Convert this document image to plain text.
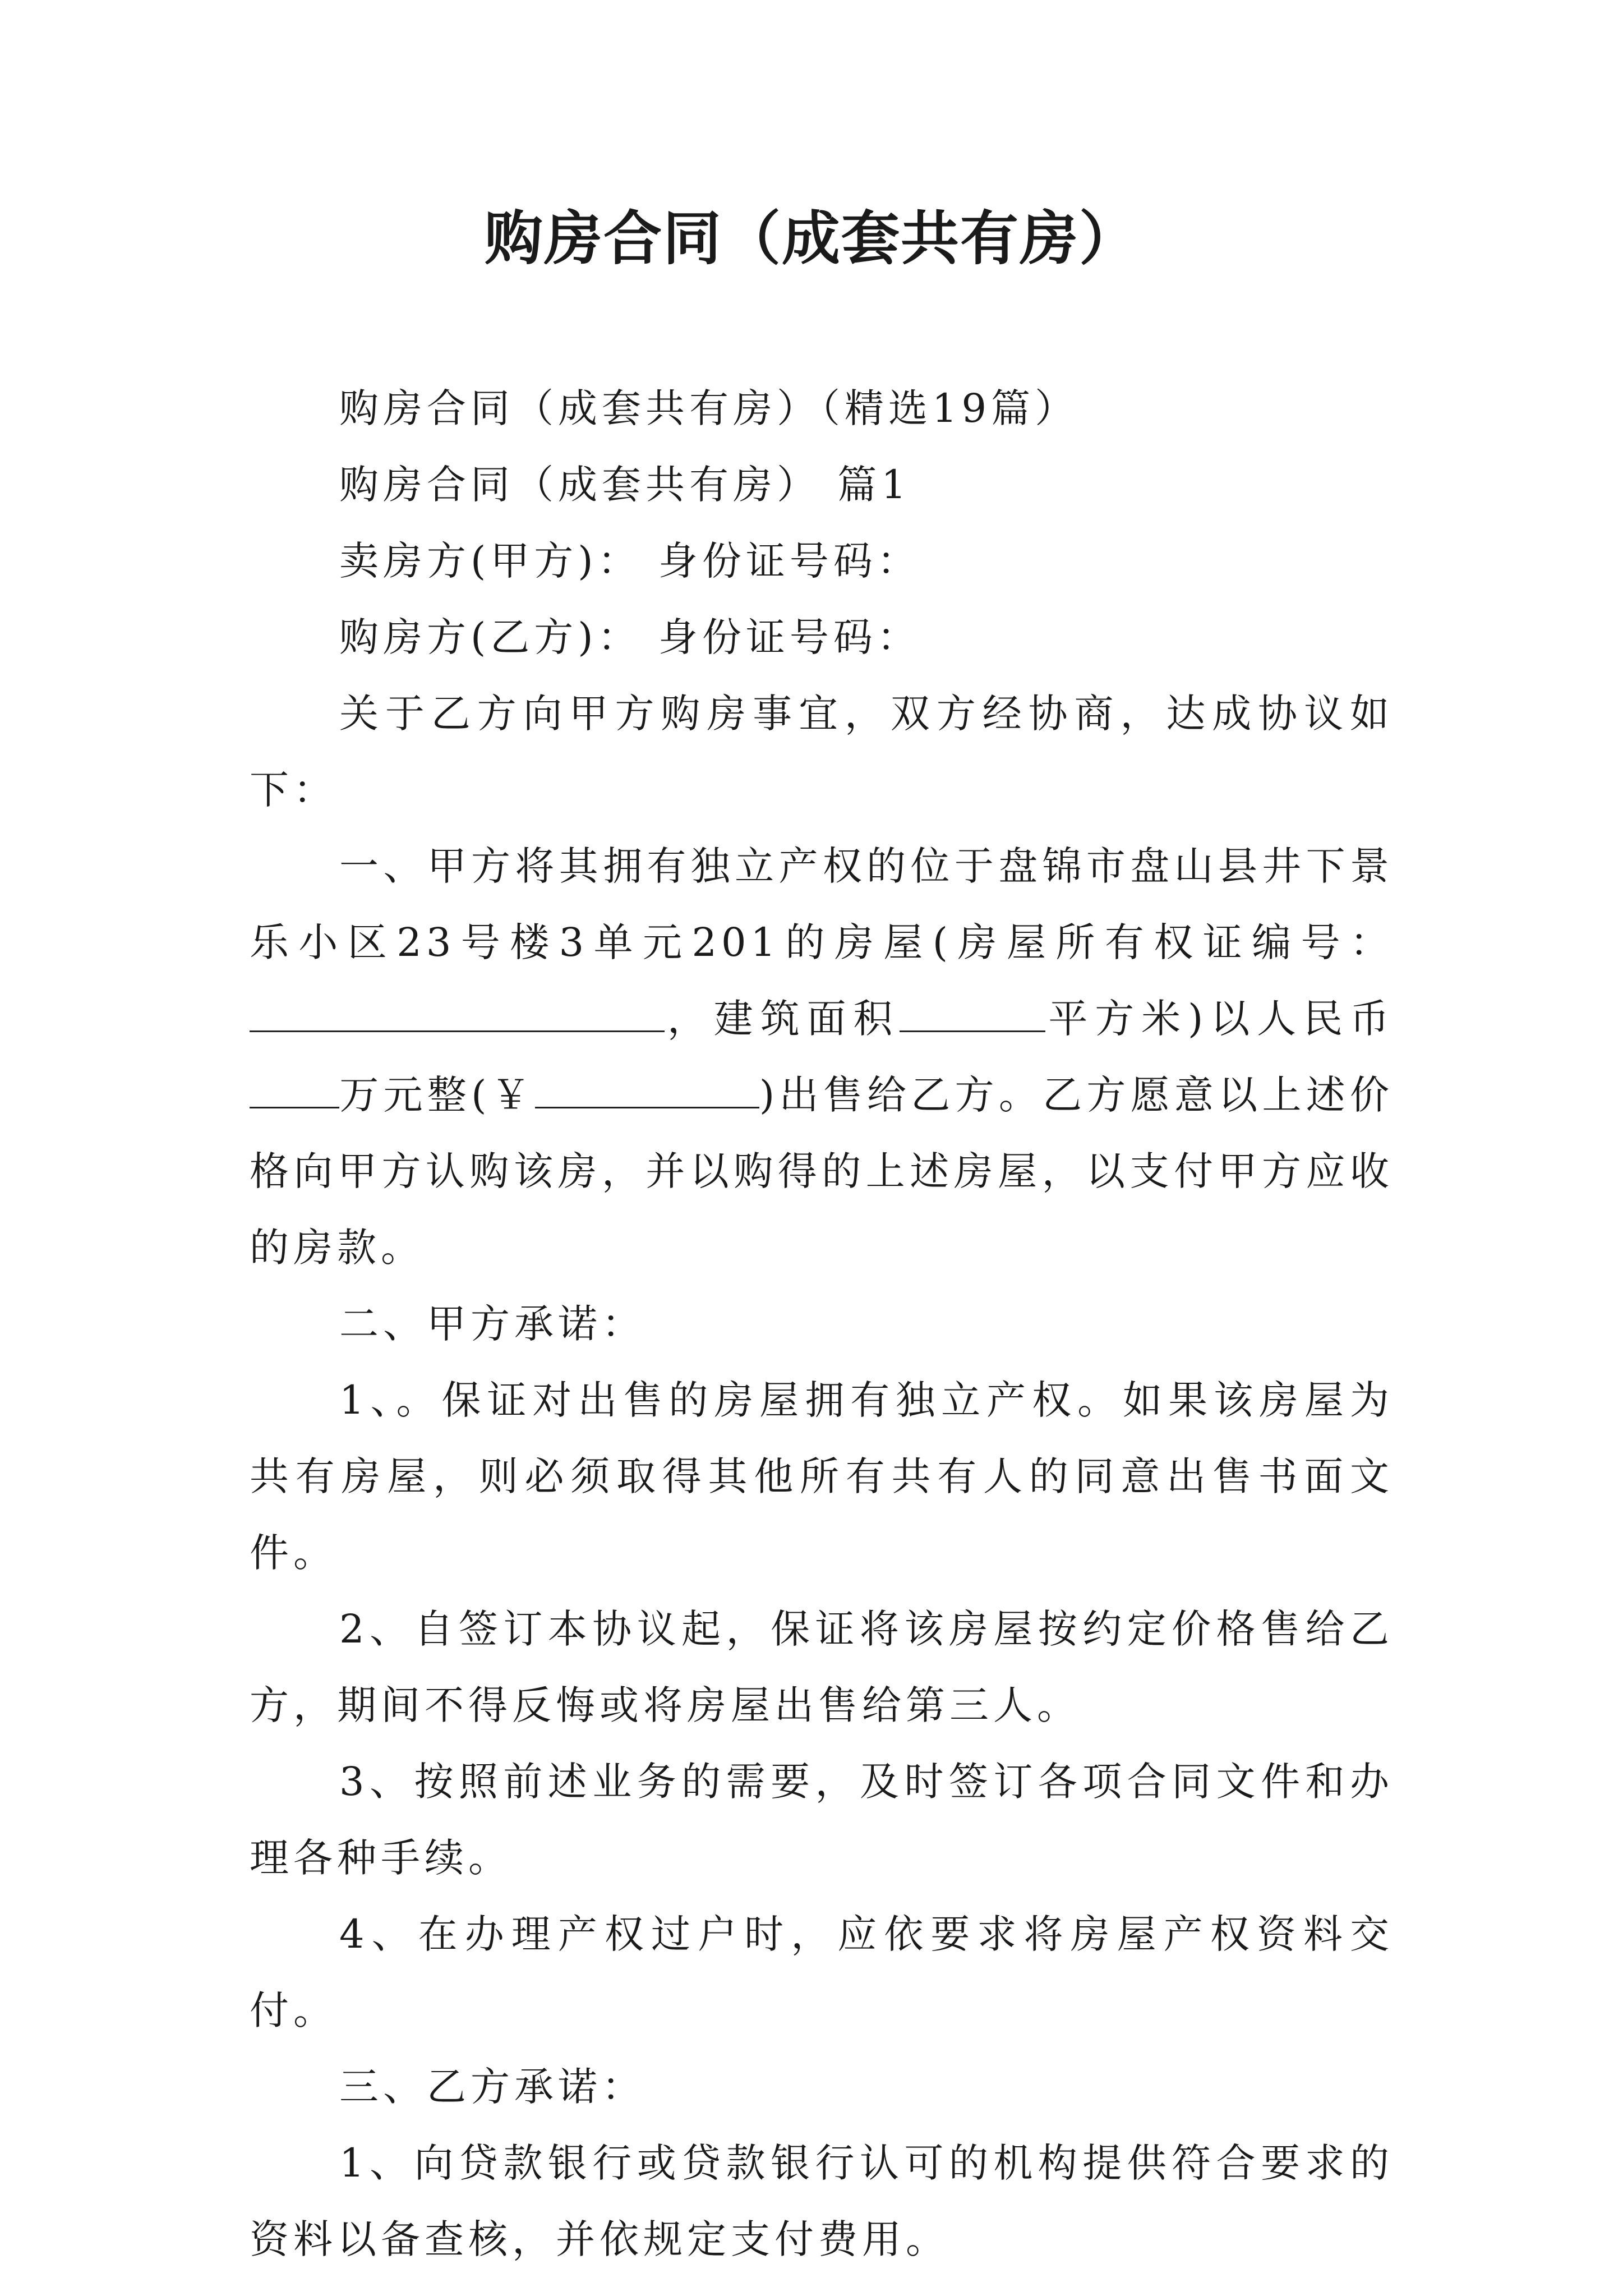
购房合同（成套共有房）

购房合同（成套共有房）（精选19篇）

购房合同（成套共有房） 篇1

卖房方(甲方)： 身份证号码：

购房方(乙方)： 身份证号码：

关于乙方向甲方购房事宜，双方经协商，达成协议如下：

一、甲方将其拥有独立产权的位于盘锦市盘山县井下景乐小区23号楼3单元201的房屋(房屋所有权证编号：，建筑面积	平方米)以人民币万元整(￥	)出售给乙方。乙方愿意以上述价格向甲方认购该房，并以购得的上述房屋，以支付甲方应收的房款。

二、甲方承诺：

1、。保证对出售的房屋拥有独立产权。如果该房屋为共有房屋，则必须取得其他所有共有人的同意出售书面文件。

2、自签订本协议起，保证将该房屋按约定价格售给乙方，期间不得反悔或将房屋出售给第三人。

3、按照前述业务的需要，及时签订各项合同文件和办理各种手续。

4、在办理产权过户时，应依要求将房屋产权资料交付。

三、乙方承诺：

1、向贷款银行或贷款银行认可的机构提供符合要求的资料以备查核，并依规定支付费用。
